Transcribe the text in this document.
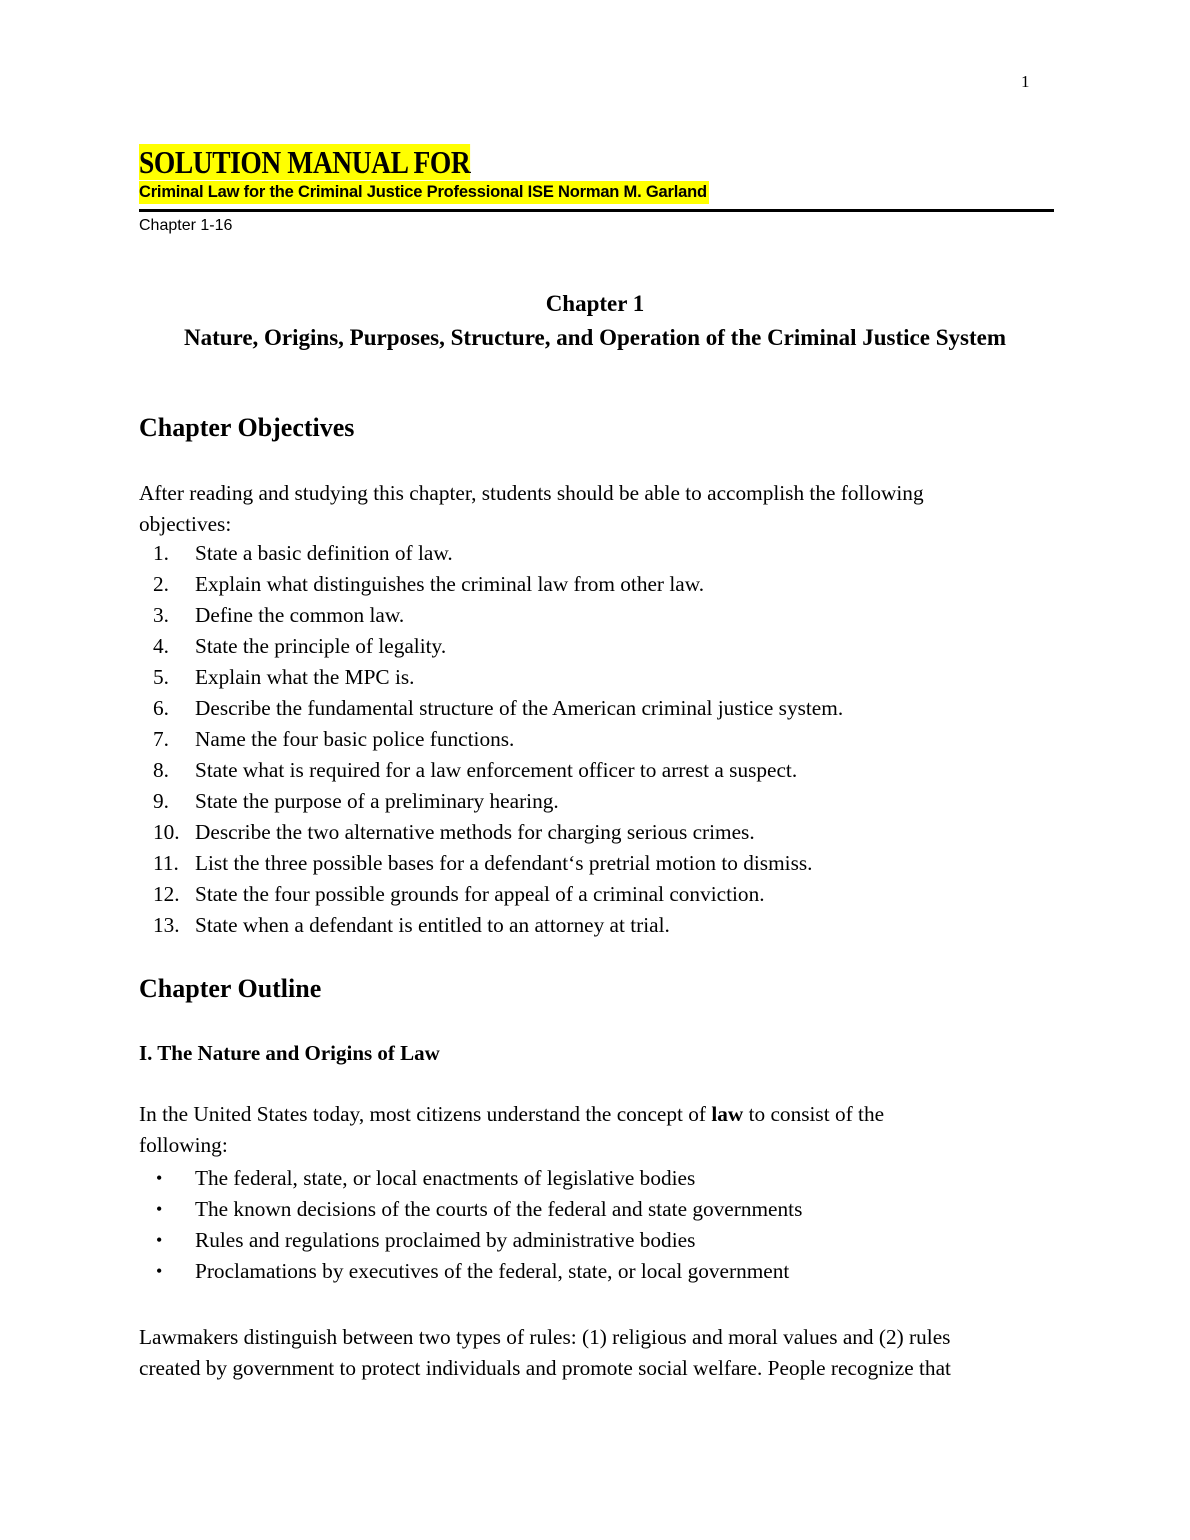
1
SOLUTION MANUAL FOR
Criminal Law for the Criminal Justice Professional ISE Norman M. Garland
Chapter 1-16
Chapter 1
Nature, Origins, Purposes, Structure, and Operation of the Criminal Justice System
Chapter Objectives
After reading and studying this chapter, students should be able to accomplish the following
objectives:
1. State a basic definition of law.
2. Explain what distinguishes the criminal law from other law.
3. Define the common law.
4. State the principle of legality.
5. Explain what the MPC is.
6. Describe the fundamental structure of the American criminal justice system.
7. Name the four basic police functions.
8. State what is required for a law enforcement officer to arrest a suspect.
9. State the purpose of a preliminary hearing.
10. Describe the two alternative methods for charging serious crimes.
11. List the three possible bases for a defendant‘s pretrial motion to dismiss.
12. State the four possible grounds for appeal of a criminal conviction.
13. State when a defendant is entitled to an attorney at trial.
Chapter Outline
I. The Nature and Origins of Law
In the United States today, most citizens understand the concept of law to consist of the
following:
• The federal, state, or local enactments of legislative bodies
• The known decisions of the courts of the federal and state governments
• Rules and regulations proclaimed by administrative bodies
• Proclamations by executives of the federal, state, or local government
Lawmakers distinguish between two types of rules: (1) religious and moral values and (2) rules
created by government to protect individuals and promote social welfare. People recognize that
